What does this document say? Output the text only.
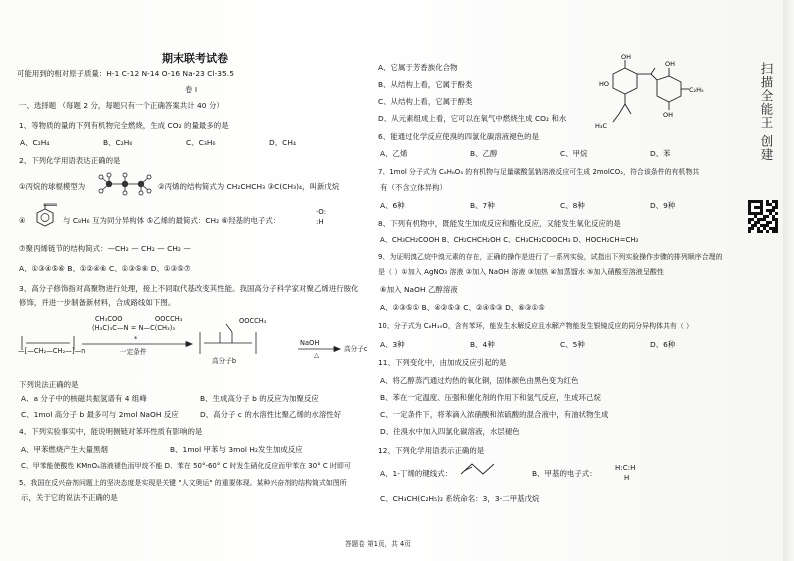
期末联考试卷
可能用到的相对原子质量：H-1 C-12 N-14 O-16 Na-23 Cl-35.5
卷 I
一、选择题 （每题 2 分，每题只有一个正确答案共计 40 分）
1、等物质的量的下列有机物完全燃烧，生成 CO₂ 的量最多的是
A、C₂H₄	B、C₂H₆	C、C₃H₆	D、CH₄
2、下列化学用语表达正确的是
①丙烷的球棍模型为	②丙烯的结构简式为 CH₂CHCH₃ ③C(CH₃)₄，叫新戊烷
④	与 C₈H₆ 互为同分异构体 ⑤乙烯的最简式：CH₂ ⑥羟基的电子式：
·O:
:H
⑦聚丙烯链节的结构简式：—CH₂ — CH₂ — CH₂ —
A、①③④⑤⑥ B、①②④⑥ C、①③⑤⑥ D、①③⑤⑦
3、高分子修饰指对高聚物进行处理，接上不同取代基改变其性能。我国高分子科学家对聚乙烯进行胺化
修饰，并进一步制备新材料，合成路线如下图。
—[—CH₂—CH₂—]—n
CH₃COO	OOCCH₃
(H₃C)₃C—N = N—C(CH₃)₃
*
一定条件
OOCCH₃
高分子b
NaOH
△
高分子c
下列说法正确的是
A、a 分子中的核磁共振氢谱有 4 组峰	B、生成高分子 b 的反应为加聚反应
C、1mol 高分子 b 最多可与 2mol NaOH 反应	D、高分子 c 的水溶性比聚乙烯的水溶性好
4、下列实验事实中，能说明侧链对苯环性质有影响的是
A、甲苯燃烧产生大量黑烟	B、1mol 甲苯与 3mol H₂发生加成反应
C、甲苯能使酸性 KMnO₄溶液褪色而甲烷不能 D、苯在 50°-60° C 时发生硝化反应而甲苯在 30° C 时即可
5、我国在反兴奋剂问题上的坚决态度是实现是关键 "人文奥运" 的重要体现。某种兴奋剂的结构简式如图所
示，关于它的说法不正确的是
A、它属于芳香族化合物
B、从结构上看，它属于酚类
C、从结构上看，它属于醇类
D、从元素组成上看，它可以在氧气中燃烧生成 CO₂ 和水
OH
OH
OH
HO
H₃C
C₂H₅
6、能通过化学反应使溴的四氯化碳溶液褪色的是
A、乙烯	B、乙醇	C、甲烷	D、苯
7、1mol 分子式为 C₆H₈O₃ 的有机物与足量碳酸氢钠溶液反应可生成 2molCO₂，符合该条件的有机物共
有（不含立体异构）
A、6种	B、7种	C、8种	D、9种
8、下列有机物中，既能发生加成反应和酯化反应，又能发生氧化反应的是
A、CH₃CH₂COOH B、CH₂CHCH₂OH C、CH₃CH₂COOCH₃ D、HOCH₂CH=CH₂
9、为证明溴乙烷中溴元素的存在，正确的操作是进行了一系列实验，试指出下列实验操作步骤的排列顺序合理的
是（ ）①加入 AgNO₃ 溶液 ②加入 NaOH 溶液 ③加热 ④加蒸馏水 ⑤加入硝酸至溶液呈酸性
⑥加入 NaOH 乙醇溶液
A、②③⑤① B、④②⑤③ C、②④⑤③ D、⑥③①⑤
10、分子式为 C₈H₁₀O，含有苯环，能发生水解反应且水解产物能发生银镜反应的同分异构体共有（ ）
A、3种	B、4种	C、5种	D、6种
11、下列变化中，由加成反应引起的是
A、将乙醇蒸汽通过灼热的氧化铜，固体颜色由黑色变为红色
B、苯在一定温度、压强和催化剂的作用下和氢气反应，生成环己烷
C、一定条件下，将苯滴入浓硝酸和浓硫酸的混合液中，有油状物生成
D、往溴水中加入四氯化碳溶液，水层褪色
12、下列化学用语表示正确的是
A、1-丁烯的键线式：	B、甲基的电子式：
H:C:H
H
C、CH₃CH(C₂H₅)₂ 系统命名：3，3-二甲基戊烷
答题卷 第1页，共 4页
扫描全能王 创建
